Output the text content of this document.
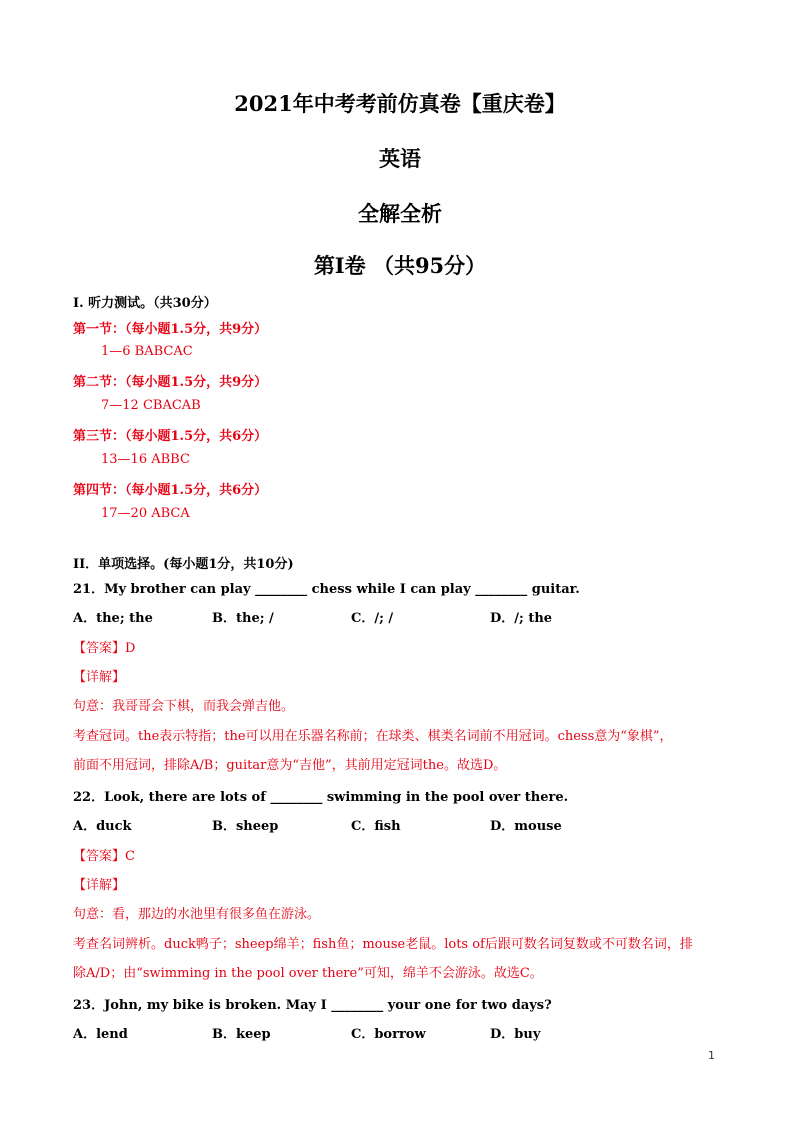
2021年中考考前仿真卷【重庆卷】
英语
全解全析
第I卷 （共95分）
I. 听力测试。（共30分）
第一节：（每小题1.5分，共9分）
1—6 BABCAC
第二节：（每小题1.5分，共9分）
7—12 CBACAB
第三节：（每小题1.5分，共6分）
13—16 ABBC
第四节：（每小题1.5分，共6分）
17—20 ABCA
II．单项选择。(每小题1分，共10分)
21．My brother can play ________ chess while I can play ________ guitar.
A．the; the	B．the; /	C．/; /	D．/; the
【答案】D
【详解】
句意：我哥哥会下棋，而我会弹吉他。
考查冠词。the表示特指；the可以用在乐器名称前；在球类、棋类名词前不用冠词。chess意为“象棋”，
前面不用冠词，排除A/B；guitar意为“吉他”，其前用定冠词the。故选D。
22．Look, there are lots of ________ swimming in the pool over there.
A．duck	B．sheep	C．fish	D．mouse
【答案】C
【详解】
句意：看，那边的水池里有很多鱼在游泳。
考查名词辨析。duck鸭子；sheep绵羊；fish鱼；mouse老鼠。lots of后跟可数名词复数或不可数名词，排
除A/D；由“swimming in the pool over there”可知，绵羊不会游泳。故选C。
23．John, my bike is broken. May I ________ your one for two days?
A．lend	B．keep	C．borrow	D．buy
1
